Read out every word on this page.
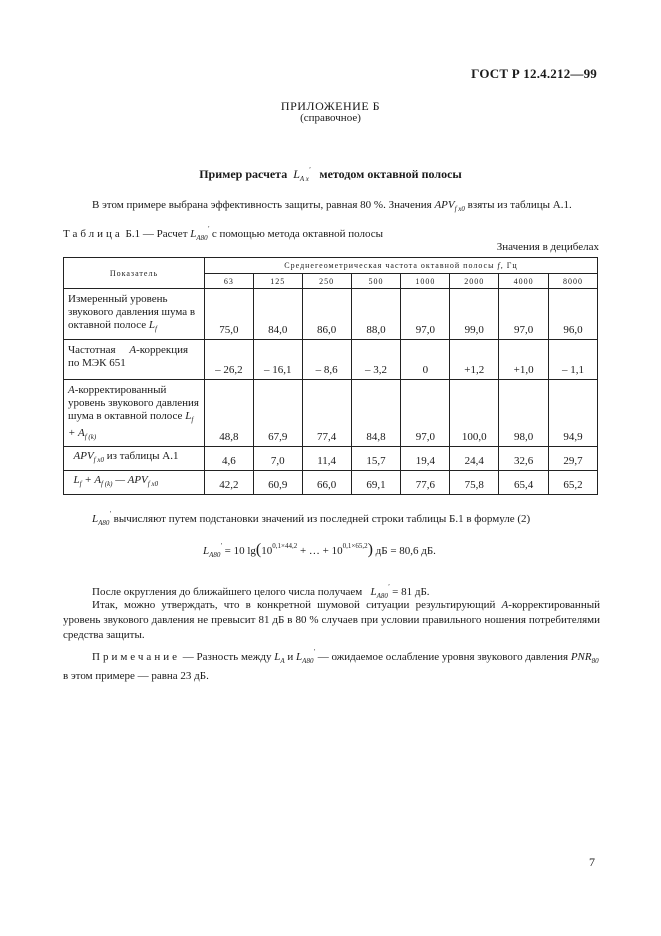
ГОСТ Р 12.4.212—99
ПРИЛОЖЕНИЕ Б
(справочное)
Пример расчета $L_{A x}'$ методом октавной полосы
В этом примере выбрана эффективность защиты, равная 80 %. Значения $APV_{f x0}$ взяты из таблицы А.1.
Таблица Б.1 — Расчет $L_{A80}'$ с помощью метода октавной полосы
Значения в децибелах
Показатель	Среднегеометрическая частота октавной полосы f, Гц							
	63	125	250	500	1000	2000	4000	8000
Измеренный уровень звукового давления шума в октавной полосе $L_f$	75,0	84,0	86,0	88,0	97,0	99,0	97,0	96,0
Частотная A-коррекция по МЭК 651	– 26,2	– 16,1	– 8,6	– 3,2	0	+1,2	+1,0	– 1,1
A-корректированный уровень звукового давления шума в октавной полосе $L_f + A_{f (k)}$	48,8	67,9	77,4	84,8	97,0	100,0	98,0	94,9
$APV_{f x0}$ из таблицы А.1	4,6	7,0	11,4	15,7	19,4	24,4	32,6	29,7
$L_f + A_{f (k)}$ — $APV_{f x0}$	42,2	60,9	66,0	69,1	77,6	75,8	65,4	65,2
$L_{A80}'$ вычисляют путем подстановки значений из последней строки таблицы Б.1 в формуле (2)
$L_{A80}' = 10$ $\lg(10^{0,1\times 44,2}$ + … + $10^{0,1\times 65,2}$) дБ = 80,6 дБ.
После округления до ближайшего целого числа получаем $L_{A80}' = 81$ дБ.
Итак, можно утверждать, что в конкретной шумовой ситуации результирующий A-корректированный уровень звукового давления не превысит 81 дБ в 80 % случаев при условии правильного ношения потребителями средства защиты.
Примечание — Разность между $L_A$ и $L_{A80}'$ — ожидаемое ослабление уровня звукового давления $PNR_{80}$ в этом примере — равна 23 дБ.
7
